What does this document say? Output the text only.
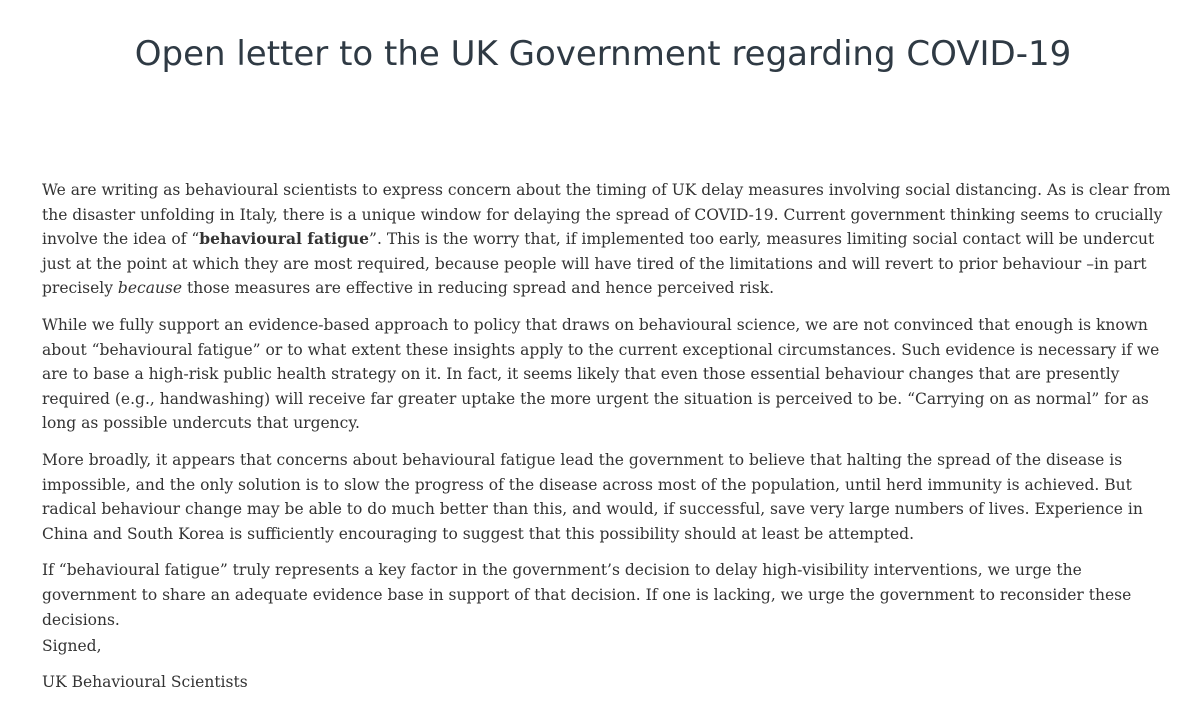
Open letter to the UK Government regarding COVID-19

We are writing as behavioural scientists to express concern about the timing of UK delay measures involving social distancing. As is clear from the disaster unfolding in Italy, there is a unique window for delaying the spread of COVID-19. Current government thinking seems to crucially involve the idea of “behavioural fatigue”. This is the worry that, if implemented too early, measures limiting social contact will be undercut just at the point at which they are most required, because people will have tired of the limitations and will revert to prior behaviour –in part precisely because those measures are effective in reducing spread and hence perceived risk.

While we fully support an evidence-based approach to policy that draws on behavioural science, we are not convinced that enough is known about “behavioural fatigue” or to what extent these insights apply to the current exceptional circumstances. Such evidence is necessary if we are to base a high-risk public health strategy on it. In fact, it seems likely that even those essential behaviour changes that are presently required (e.g., handwashing) will receive far greater uptake the more urgent the situation is perceived to be. “Carrying on as normal” for as long as possible undercuts that urgency.

More broadly, it appears that concerns about behavioural fatigue lead the government to believe that halting the spread of the disease is impossible, and the only solution is to slow the progress of the disease across most of the population, until herd immunity is achieved. But radical behaviour change may be able to do much better than this, and would, if successful, save very large numbers of lives. Experience in China and South Korea is sufficiently encouraging to suggest that this possibility should at least be attempted.

If “behavioural fatigue” truly represents a key factor in the government’s decision to delay high-visibility interventions, we urge the government to share an adequate evidence base in support of that decision. If one is lacking, we urge the government to reconsider these decisions.

Signed,

UK Behavioural Scientists
